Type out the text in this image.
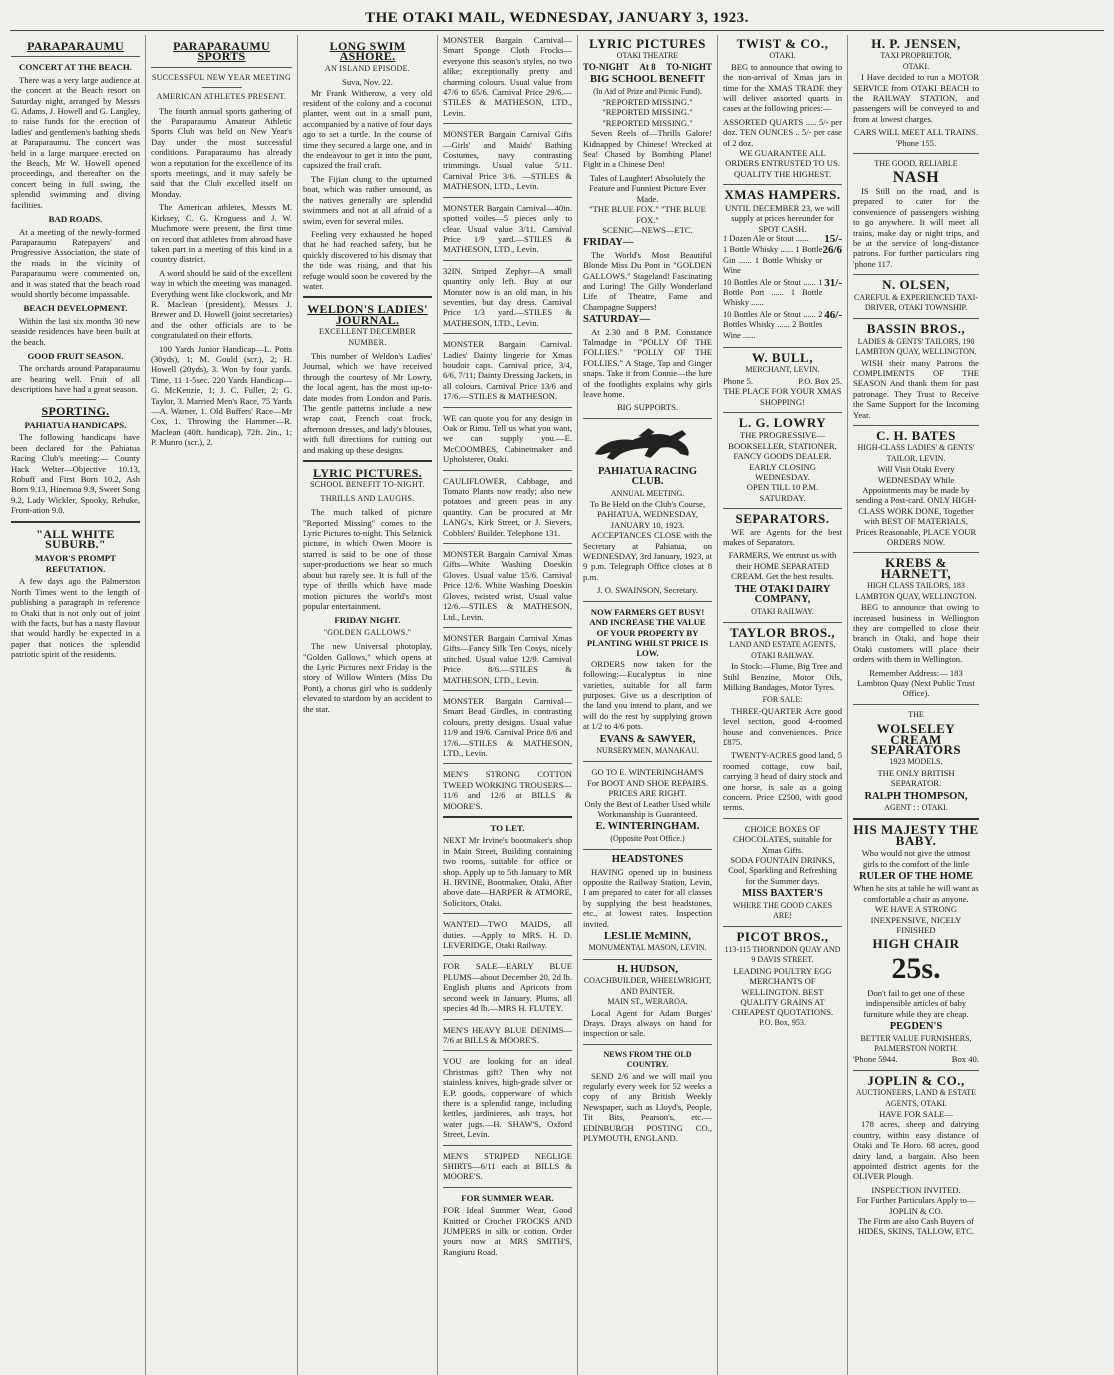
THE OTAKI MAIL, WEDNESDAY, JANUARY 3, 1923.
PARAPARAUMU
CONCERT AT THE BEACH.

There was a very large audience at the concert at the Beach resort on Saturday night, arranged by Messrs G. Adams, J. Howell and G. Langley, to raise funds for the erection of ladies' and gentlemen's bathing sheds at Paraparaumu. The concert was held in a large marquee erected on the Beach, Mr W. Howell opened proceedings, and thereafter on the concert being in full swing, the splendid swimming and diving facilities.

BAD ROADS.

At a meeting of the newly-formed Paraparaumu Ratepayers' and Progressive Association, the state of the roads in the vicinity of Paraparaumu were commented on, and it was stated that the beach road would shortly become impassable.

BEACH DEVELOPMENT.

Within the last six months 30 new seaside residences have been built at the beach.

GOOD FRUIT SEASON.

The orchards around Paraparaumu are bearing well. Fruit of all descriptions have had a great season.

SPORTING.
PAHIATUA HANDICAPS.

The following handicaps have been declared for the Pahiatua Racing Club's meeting:— County Hack Welter—Objective 10.13, Robuff and First Born 10.2, Ash Born 9.13, Hinemoa 9.9, Sweet Song 9.2, Lady Wickler, Spooky, Rebuke, Front-ation 9.0.

"ALL WHITE SUBURB."
MAYOR'S PROMPT REFUTATION.

A few days ago the Palmerston North Times went to the length of publishing a paragraph in reference to Otaki that is not only out of joint with the facts, but has a nasty flavour that would hardly be expected in a paper that notices the splendid patriotic spirit of the residents.

PARAPARAUMU SPORTS
SUCCESSFUL NEW YEAR MEETING
AMERICAN ATHLETES PRESENT.

The fourth annual sports gathering of the Paraparaumu Amateur Athletic Sports Club was held on New Year's Day under the most successful conditions. Paraparaumu has already won a reputation for the excellence of its sports meetings, and it may safely be said that the Club excelled itself on Monday.

The American athletes, Messrs M. Kirksey, C. G. Kroguess and J. W. Muchmore were present, the first time on record that athletes from abroad have taken part in a meeting of this kind in a country district.

A word should be said of the excellent way in which the meeting was managed. Everything went like clockwork, and Mr R. Maclean (president), Messrs J. Brewer and D. Howell (joint secretaries) and the other officials are to be congratulated on their efforts.

100 Yards Junior Handicap—L. Potts (30yds), 1; M. Gould (scr.), 2; H. Howell (20yds), 3. Won by four yards. Time, 11 1-5sec. 220 Yards Handicap—G. McKenzie, 1; J. C. Fuller, 2; G. Taylor, 3. Married Men's Race, 75 Yards—A. Warner, 1. Old Buffers' Race—Mr Cox, 1. Throwing the Hammer—R. Maclean (40ft. handicap), 72ft. 2in., 1; P. Munro (scr.), 2.

LONG SWIM ASHORE.
AN ISLAND EPISODE.
Suva, Nov. 22.

Mr Frank Witherow, a very old resident of the colony and a coconut planter, went out in a small punt, accompanied by a native of four days ago to set a turtle. In the course of time they secured a large one, and in the endeavour to get it into the punt, capsized the frail craft.

The Fijian clung to the upturned boat, which was rather unsound, as the natives generally are splendid swimmers and not at all afraid of a swim, even for several miles.

Feeling very exhausted he hoped that he had reached safety, but he quickly discovered to his dismay that the tide was rising, and that his refuge would soon be covered by the water.

WELDON'S LADIES' JOURNAL.
EXCELLENT DECEMBER NUMBER.

This number of Weldon's Ladies' Journal, which we have received through the courtesy of Mr Lowry, the local agent, has the most up-to-date modes from London and Paris. The gentle patterns include a new wrap coat, French coat frock, afternoon dresses, and lady's blouses, with full directions for cutting out and making up these designs.

LYRIC PICTURES.
SCHOOL BENEFIT TO-NIGHT.
THRILLS AND LAUGHS.

The much talked of picture "Reported Missing" comes to the Lyric Pictures to-night. This Selznick picture, in which Owen Moore is starred is said to be one of those super-productions we hear so much about but rarely see. It is full of the type of thrills which have made motion pictures the world's most popular entertainment.

FRIDAY NIGHT.
"GOLDEN GALLOWS."

The new Universal photoplay, "Golden Gallows," which opens at the Lyric Pictures next Friday is the story of Willow Winters (Miss Du Pont), a chorus girl who is suddenly elevated to stardom by an accident to the star.

MONSTER Bargain Carnival—Smart Sponge Cloth Frocks—everyone this season's styles, no two alike; exceptionally pretty and charming colours. Usual value from 47/6 to 65/6. Carnival Price 29/6.—STILES & MATHESON, LTD., Levin.
MONSTER Bargain Carnival Gifts—Girls' and Maids' Bathing Costumes, navy contrasting trimmings. Usual value 5/11. Carnival Price 3/6. —STILES & MATHESON, LTD., Levin.
MONSTER Bargain Carnival—40in. spotted voiles—5 pieces only to clear. Usual value 3/11. Carnival Price 1/9 yard.—STILES & MATHESON, LTD., Levin.
32IN. Striped Zephyr—A small quantity only left. Buy at our Monster now is an old man, in his seventies, but day dress. Carnival Price 1/3 yard.—STILES & MATHESON, LTD., Levin.
MONSTER Bargain Carnival. Ladies' Dainty lingerie for Xmas boudoir caps. Carnival price, 3/4, 6/6, 7/11; Dainty Dressing Jackets, in all colours. Carnival Price 13/6 and 17/6.—STILES & MATHESON.
WE can quote you for any design in Oak or Rimu. Tell us what you want, we can supply you.—E. McCOOMBES, Cabinetmaker and Upholsterer, Otaki.
CAULIFLOWER, Cabbage, and Tomato Plants now ready; also new potatoes and green peas in any quantity. Can be procured at Mr LANG's, Kirk Street, or J. Sievers, Cobblers' Builder. Telephone 131.
MONSTER Bargain Carnival Xmas Gifts—White Washing Doeskin Gloves. Usual value 15/6. Carnival Price 12/6. White Washing Doeskin Gloves, twisted wrist. Usual value 12/6.—STILES & MATHESON, Ltd., Levin.
MONSTER Bargain Carnival Xmas Gifts—Fancy Silk Ten Cosys, nicely stitched. Usual value 12/9. Carnival Price 8/6.—STILES & MATHESON, LTD., Levin.
MONSTER Bargain Carnival—Smart Bead Girdles, in contrasting colours, pretty designs. Usual value 11/9 and 19/6. Carnival Price 8/6 and 17/6.—STILES & MATHESON, LTD., Levin.
MEN'S STRONG COTTON TWEED WORKING TROUSERS—11/6 and 12/6 at BILLS & MOORE'S.
TO LET.
NEXT Mr Irvine's bootmaker's shop in Main Street, Building containing two rooms, suitable for office or shop. Apply up to 5th January to MR H. IRVINE, Bootmaker, Otaki. After above date—HARPER & ATMORE, Solicitors, Otaki.
WANTED—TWO MAIDS, all duties. —Apply to MRS. H. D. LEVERIDGE, Otaki Railway.
FOR SALE—EARLY BLUE PLUMS—about December 20, 2d lb. English plums and Apricots from second week in January. Plums, all species 4d lb.—MRS H. FLUTEY.
MEN'S HEAVY BLUE DENIMS—7/6 at BILLS & MOORE'S.
YOU are looking for an ideal Christmas gift? Then why not stainless knives, high-grade silver or E.P. goods, copperware of which there is a splendid range, including kettles, jardinieres, ash trays, hot water jugs.—H. SHAW'S, Oxford Street, Levin.
MEN'S STRIPED NEGLIGE SHIRTS—6/11 each at BILLS & MOORE'S.
FOR SUMMER WEAR.
FOR Ideal Summer Wear, Good Knitted or Crochet FROCKS AND JUMPERS in silk or cotton. Order yours now at MRS SMITH'S, Rangiuru Road.
LYRIC PICTURES
OTAKI THEATRE
TO-NIGHT At 8 TO-NIGHT
BIG SCHOOL BENEFIT
(In Aid of Prize and Picnic Fund).
"REPORTED MISSING." "REPORTED MISSING." "REPORTED MISSING."

Seven Reels of—Thrills Galore! Kidnapped by Chinese! Wrecked at Sea! Chased by Bombing Plane! Fight in a Chinese Den!

Tales of Laughter! Absolutely the Feature and Funniest Picture Ever Made.
"THE BLUE FOX." "THE BLUE FOX."
SCENIC—NEWS—ETC.
FRIDAY—

The World's Most Beautiful Blonde Miss Du Pont in "GOLDEN GALLOWS." Stageland! Fascinating and Luring! The Gilly Wonderland Life of Theatre, Fame and Champagne Suppers!

SATURDAY—

At 2.30 and 8 P.M. Constance Talmadge in "POLLY OF THE FOLLIES." "POLLY OF THE FOLLIES." A Stage, Tap and Ginger snaps. Take it from Connie—the lure of the footlights explains why girls leave home.

BIG SUPPORTS.
PAHIATUA RACING CLUB.
ANNUAL MEETING.
To Be Held on the Club's Course, PAHIATUA, WEDNESDAY, JANUARY 10, 1923.

ACCEPTANCES CLOSE with the Secretary at Pahiatua, on WEDNESDAY, 3rd January, 1923, at 9 p.m. Telegraph Office closes at 8 p.m.

J. O. SWAINSON, Secretary.
NOW FARMERS GET BUSY! AND INCREASE THE VALUE OF YOUR PROPERTY BY PLANTING WHILST PRICE IS LOW.

ORDERS now taken for the following:—Eucalyptus in nine varieties, suitable for all farm purposes. Give us a description of the land you intend to plant, and we will do the rest by supplying grown at 1/2 to 4/6 pots.

EVANS & SAWYER,
NURSERYMEN, MANAKAU.
GO TO E. WINTERINGHAM'S
For BOOT AND SHOE REPAIRS. PRICES ARE RIGHT.
Only the Best of Leather Used while Workmanship is Guaranteed.
E. WINTERINGHAM.
(Opposite Post Office.)
HEADSTONES

HAVING opened up in business opposite the Railway Station, Levin, I am prepared to cater for all classes by supplying the best headstones, etc., at lowest rates. Inspection invited.

LESLIE McMINN,
MONUMENTAL MASON, LEVIN.
H. HUDSON,
COACHBUILDER, WHEELWRIGHT, AND PAINTER.
MAIN ST., WERAROA.

Local Agent for Adam Burges' Drays. Drays always on hand for inspection or sale.

NEWS FROM THE OLD COUNTRY.

SEND 2/6 and we will mail you regularly every week for 52 weeks a copy of any British Weekly Newspaper, such as Lloyd's, People, Tit Bits, Pearson's, etc.—EDINBURGH POSTING CO., PLYMOUTH, ENGLAND.

TWIST & CO.,
OTAKI.

BEG to announce that owing to the non-arrival of Xmas jars in time for the XMAS TRADE they will deliver assorted quarts in cases at the following prices:—

ASSORTED QUARTS ..... 5/- per doz. TEN OUNCES .. 5/- per case of 2 doz.
WE GUARANTEE ALL ORDERS ENTRUSTED TO US.
QUALITY THE HIGHEST.
XMAS HAMPERS.
UNTIL DECEMBER 23, we will supply at prices hereunder for SPOT CASH.
1 Dozen Ale or Stout ......	15/-
1 Bottle Whisky ...... 1 Bottle Gin ...... 1 Bottle Whisky or Wine	26/6
10 Bottles Ale or Stout ...... 1 Bottle Port ...... 1 Bottle Whisky ......	31/-
10 Bottles Ale or Stout ...... 2 Bottles Whisky ...... 2 Bottles Wine ......	46/-
W. BULL,
MERCHANT, LEVIN.
Phone 5.	P.O. Box 25.
THE PLACE FOR YOUR XMAS SHOPPING!
L. G. LOWRY
THE PROGRESSIVE— BOOKSELLER, STATIONER, FANCY GOODS DEALER.
EARLY CLOSING WEDNESDAY.
OPEN TILL 10 P.M. SATURDAY.
SEPARATORS.

WE are Agents for the best makes of Separators.

FARMERS, We entrust us with their HOME SEPARATED CREAM. Get the best results.
THE OTAKI DAIRY COMPANY,
OTAKI RAILWAY.
TAYLOR BROS.,
LAND AND ESTATE AGENTS, OTAKI RAILWAY.

In Stock:—Flume, Big Tree and Stihl Benzine, Motor Oils, Milking Bandages, Motor Tyres.

FOR SALE:

THREE-QUARTER Acre good level section, good 4-roomed house and conveniences. Price £875.

TWENTY-ACRES good land, 5 roomed cottage, cow bail, carrying 3 head of dairy stock and one horse, is sale as a going concern. Price £2500, with good terms.

CHOICE BOXES OF CHOCOLATES, suitable for Xmas Gifts.
SODA FOUNTAIN DRINKS, Cool, Sparkling and Refreshing for the Summer days.
MISS BAXTER'S
WHERE THE GOOD CAKES ARE!
PICOT BROS.,
113-115 THORNDON QUAY AND 9 DAVIS STREET.
LEADING POULTRY EGG MERCHANTS OF WELLINGTON. BEST QUALITY GRAINS AT CHEAPEST QUOTATIONS.
P.O. Box, 953.
H. P. JENSEN,
TAXI PROPRIETOR,
OTAKI.

I Have decided to run a MOTOR SERVICE from OTAKI BEACH to the RAILWAY STATION, and passengers will be conveyed to and from at lowest charges.

CARS WILL MEET ALL TRAINS.
'Phone 155.
THE GOOD, RELIABLE
NASH

IS Still on the road, and is prepared to cater for the convenience of passengers wishing to go anywhere. It will meet all trains, make day or night trips, and be at the service of long-distance patrons. For further particulars ring 'phone 117.

N. OLSEN,
CAREFUL & EXPERIENCED TAXI-DRIVER, OTAKI TOWNSHIP.
BASSIN BROS.,
LADIES & GENTS' TAILORS, 190 LAMBTON QUAY, WELLINGTON.

WISH their many Patrons the COMPLIMENTS OF THE SEASON And thank them for past patronage. They Trust to Receive the Same Support for the Incoming Year.

C. H. BATES
HIGH-CLASS LADIES' & GENTS' TAILOR, LEVIN.
Will Visit Otaki Every WEDNESDAY While Appointments may be made by sending a Post-card. ONLY HIGH-CLASS WORK DONE, Together with BEST OF MATERIALS, Prices Reasonable, PLACE YOUR ORDERS NOW.
KREBS & HARNETT,
HIGH CLASS TAILORS, 183 LAMBTON QUAY, WELLINGTON.

BEG to announce that owing to increased business in Wellington they are compelled to close their branch in Otaki, and hope their Otaki customers will place their orders with them in Wellington.

Remember Address:— 183 Lambton Quay (Next Public Trust Office).
THE
WOLSELEY CREAM SEPARATORS
1923 MODELS.
THE ONLY BRITISH SEPARATOR.
RALPH THOMPSON,
AGENT : : OTAKI.
HIS MAJESTY THE BABY.
Who would not give the utmost girls to the comfort of the little
RULER OF THE HOME
When he sits at table he will want as comfortable a chair as anyone.
WE HAVE A STRONG INEXPENSIVE, NICELY FINISHED
HIGH CHAIR
25s.
Don't fail to get one of these indispensible articles of baby furniture while they are cheap.
PEGDEN'S
BETTER VALUE FURNISHERS, PALMERSTON NORTH.
'Phone 5944.	Box 40.
JOPLIN & CO.,
AUCTIONEERS, LAND & ESTATE AGENTS, OTAKI.
HAVE FOR SALE—

178 acres, sheep and dairying country, within easy distance of Otaki and Te Horo. 68 acres, good dairy land, a bargain. Also been appointed district agents for the OLIVER Plough.

INSPECTION INVITED.
For Further Particulars Apply to— JOPLIN & CO.
The Firm are also Cash Buyers of HIDES, SKINS, TALLOW, ETC.
